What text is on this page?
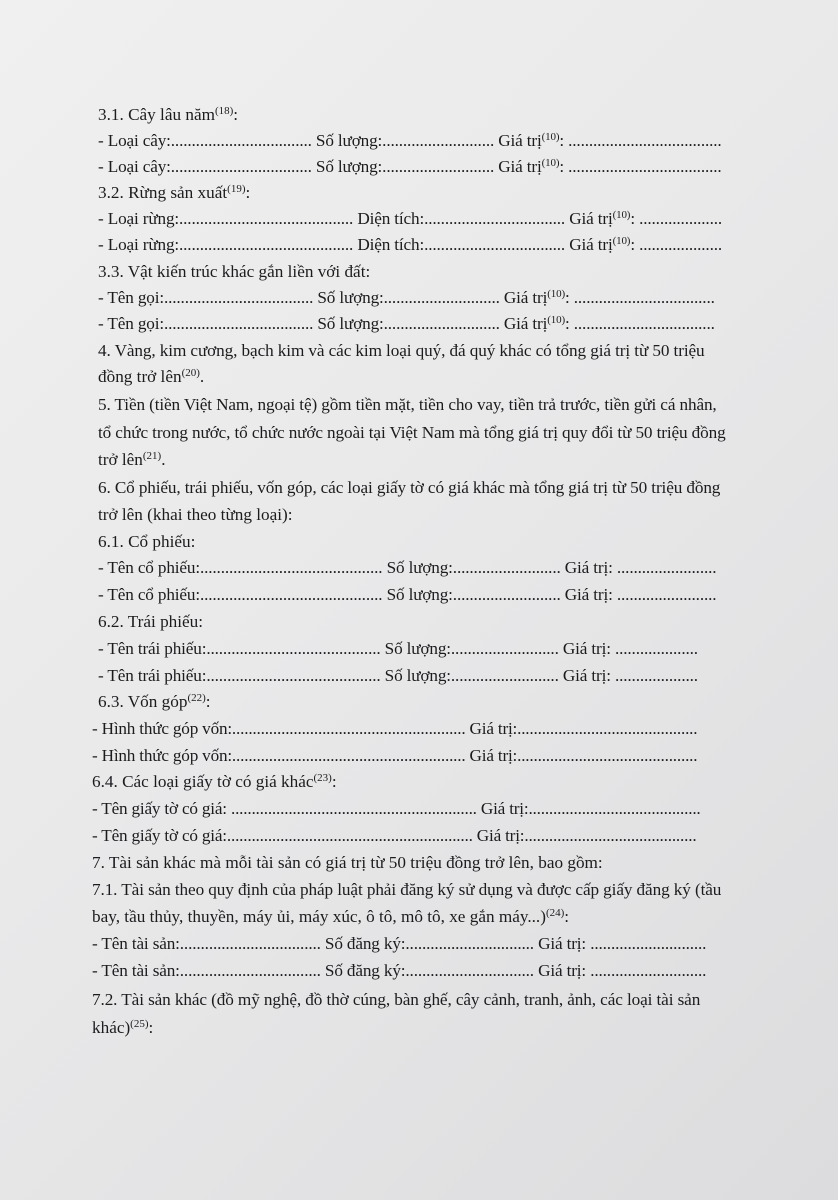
3.1. Cây lâu năm$^{(18)}$:
- Loại cây:.................................. Số lượng:........................... Giá trị$^{(10)}$: .....................................
- Loại cây:.................................. Số lượng:........................... Giá trị$^{(10)}$: .....................................
3.2. Rừng sản xuất$^{(19)}$:
- Loại rừng:.......................................... Diện tích:.................................. Giá trị$^{(10)}$: ....................
- Loại rừng:.......................................... Diện tích:.................................. Giá trị$^{(10)}$: ....................
3.3. Vật kiến trúc khác gắn liền với đất:
- Tên gọi:.................................... Số lượng:............................ Giá trị$^{(10)}$: ..................................
- Tên gọi:.................................... Số lượng:............................ Giá trị$^{(10)}$: ..................................
4. Vàng, kim cương, bạch kim và các kim loại quý, đá quý khác có tổng giá trị từ 50 triệu
đồng trở lên$^{(20)}$.
5. Tiền (tiền Việt Nam, ngoại tệ) gồm tiền mặt, tiền cho vay, tiền trả trước, tiền gửi cá nhân,
tổ chức trong nước, tổ chức nước ngoài tại Việt Nam mà tổng giá trị quy đổi từ 50 triệu đồng
trở lên$^{(21)}$.
6. Cổ phiếu, trái phiếu, vốn góp, các loại giấy tờ có giá khác mà tổng giá trị từ 50 triệu đồng
trở lên (khai theo từng loại):
6.1. Cổ phiếu:
- Tên cổ phiếu:............................................ Số lượng:.......................... Giá trị: ........................
- Tên cổ phiếu:............................................ Số lượng:.......................... Giá trị: ........................
6.2. Trái phiếu:
- Tên trái phiếu:.......................................... Số lượng:.......................... Giá trị: ....................
- Tên trái phiếu:.......................................... Số lượng:.......................... Giá trị: ....................
6.3. Vốn góp$^{(22)}$:
- Hình thức góp vốn:......................................................... Giá trị:............................................
- Hình thức góp vốn:......................................................... Giá trị:............................................
6.4. Các loại giấy tờ có giá khác$^{(23)}$:
- Tên giấy tờ có giá: ............................................................ Giá trị:..........................................
- Tên giấy tờ có giá:............................................................ Giá trị:..........................................
7. Tài sản khác mà mỗi tài sản có giá trị từ 50 triệu đồng trở lên, bao gồm:
7.1. Tài sản theo quy định của pháp luật phải đăng ký sử dụng và được cấp giấy đăng ký (tầu
bay, tầu thủy, thuyền, máy ủi, máy xúc, ô tô, mô tô, xe gắn máy...)$^{(24)}$:
- Tên tài sản:.................................. Số đăng ký:............................... Giá trị: ............................
- Tên tài sản:.................................. Số đăng ký:............................... Giá trị: ............................
7.2. Tài sản khác (đồ mỹ nghệ, đồ thờ cúng, bàn ghế, cây cảnh, tranh, ảnh, các loại tài sản
khác)$^{(25)}$:
